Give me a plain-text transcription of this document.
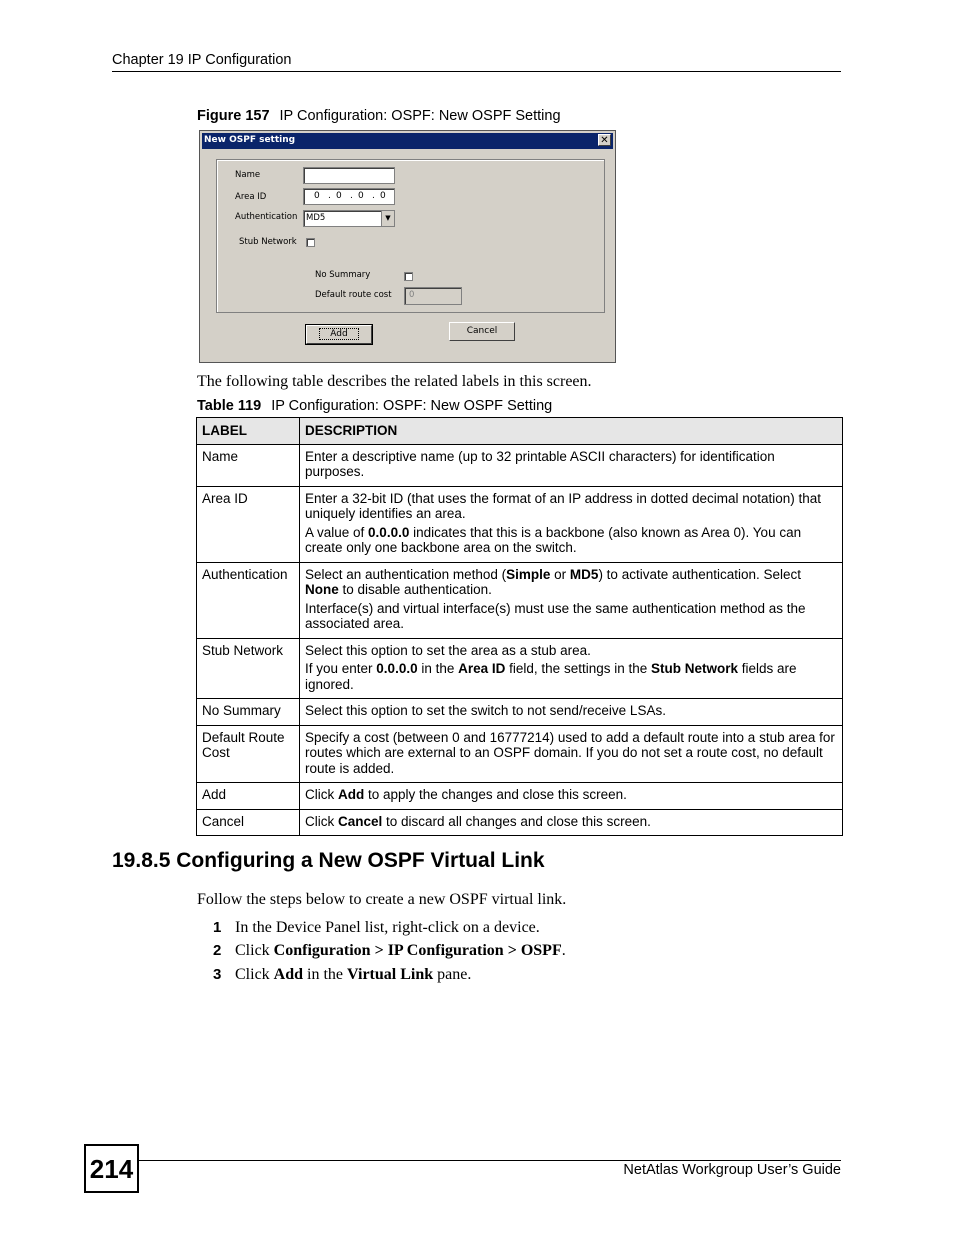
Chapter 19 IP Configuration
Figure 157 IP Configuration: OSPF: New OSPF Setting
New OSPF setting	✕
Name
Area ID	0 . 0 . 0 . 0
Authentication MD5	▼
Stub Network
No Summary
Default route cost	0
Add	Cancel
The following table describes the related labels in this screen.
Table 119 IP Configuration: OSPF: New OSPF Setting
LABEL	DESCRIPTION
Name	Enter a descriptive name (up to 32 printable ASCII characters) for identification purposes.

Area ID	Enter a 32-bit ID (that uses the format of an IP address in dotted decimal notation) that uniquely identifies an area.

A value of 0.0.0.0 indicates that this is a backbone (also known as Area 0). You can create only one backbone area on the switch.

Authentication	Select an authentication method (Simple or MD5) to activate authentication. Select None to disable authentication.

Interface(s) and virtual interface(s) must use the same authentication method as the associated area.

Stub Network	Select this option to set the area as a stub area.

If you enter 0.0.0.0 in the Area ID field, the settings in the Stub Network fields are ignored.

No Summary	Select this option to set the switch to not send/receive LSAs.

Default Route Cost	Specify a cost (between 0 and 16777214) used to add a default route into a stub area for routes which are external to an OSPF domain. If you do not set a route cost, no default route is added.

Add	Click Add to apply the changes and close this screen.

Cancel	Click Cancel to discard all changes and close this screen.

19.8.5 Configuring a New OSPF Virtual Link
Follow the steps below to create a new OSPF virtual link.
1 In the Device Panel list, right-click on a device.
2 Click Configuration > IP Configuration > OSPF.
3 Click Add in the Virtual Link pane.
214	NetAtlas Workgroup User’s Guide
